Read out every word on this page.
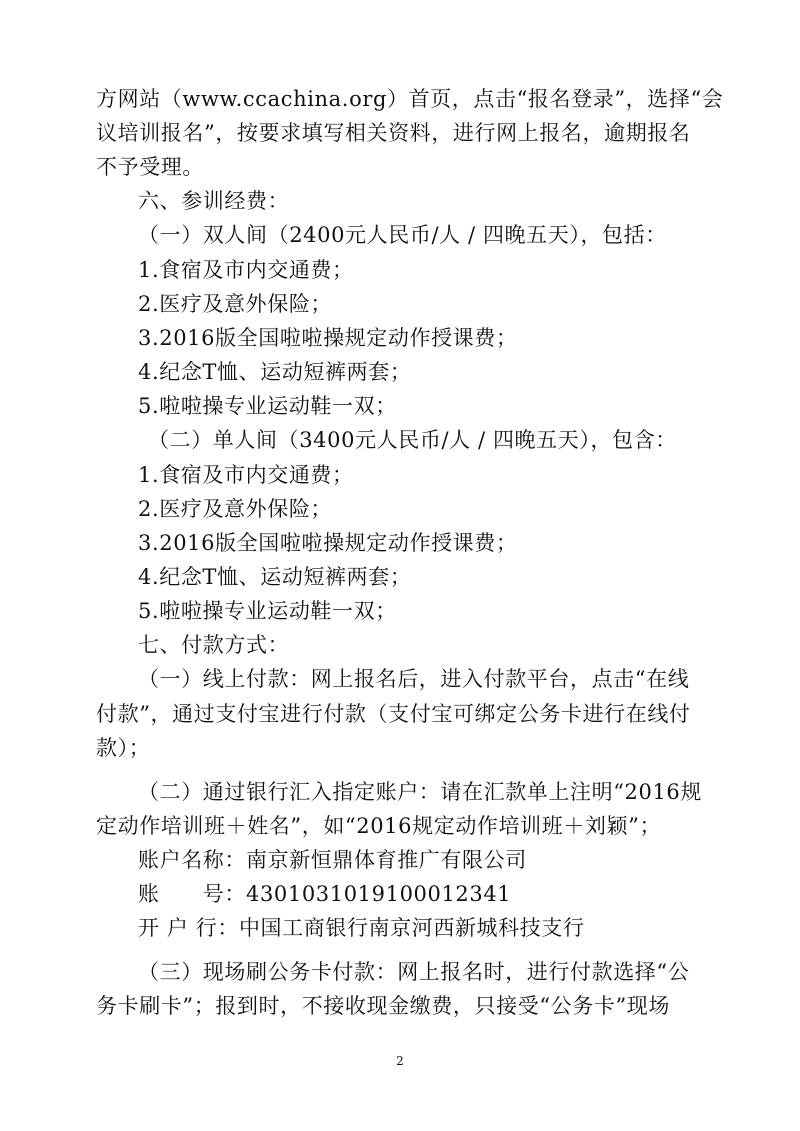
方网站（www.ccachina.org）首页，点击“报名登录”，选择“会
议培训报名”，按要求填写相关资料，进行网上报名，逾期报名
不予受理。
六、参训经费：
（一）双人间（2400元人民币/人 / 四晚五天），包括：
1.食宿及市内交通费；
2.医疗及意外保险；
3.2016版全国啦啦操规定动作授课费；
4.纪念T恤、运动短裤两套；
5.啦啦操专业运动鞋一双；
（二）单人间（3400元人民币/人 / 四晚五天），包含：
1.食宿及市内交通费；
2.医疗及意外保险；
3.2016版全国啦啦操规定动作授课费；
4.纪念T恤、运动短裤两套；
5.啦啦操专业运动鞋一双；
七、付款方式：
（一）线上付款：网上报名后，进入付款平台，点击“在线
付款”，通过支付宝进行付款（支付宝可绑定公务卡进行在线付
款）；
（二）通过银行汇入指定账户：请在汇款单上注明“2016规
定动作培训班＋姓名”，如“2016规定动作培训班＋刘颖”；
账户名称：南京新恒鼎体育推广有限公司
账　　号：4301031019100012341
开 户 行：中国工商银行南京河西新城科技支行
（三）现场刷公务卡付款：网上报名时，进行付款选择“公
务卡刷卡”；报到时，不接收现金缴费，只接受“公务卡”现场
2
